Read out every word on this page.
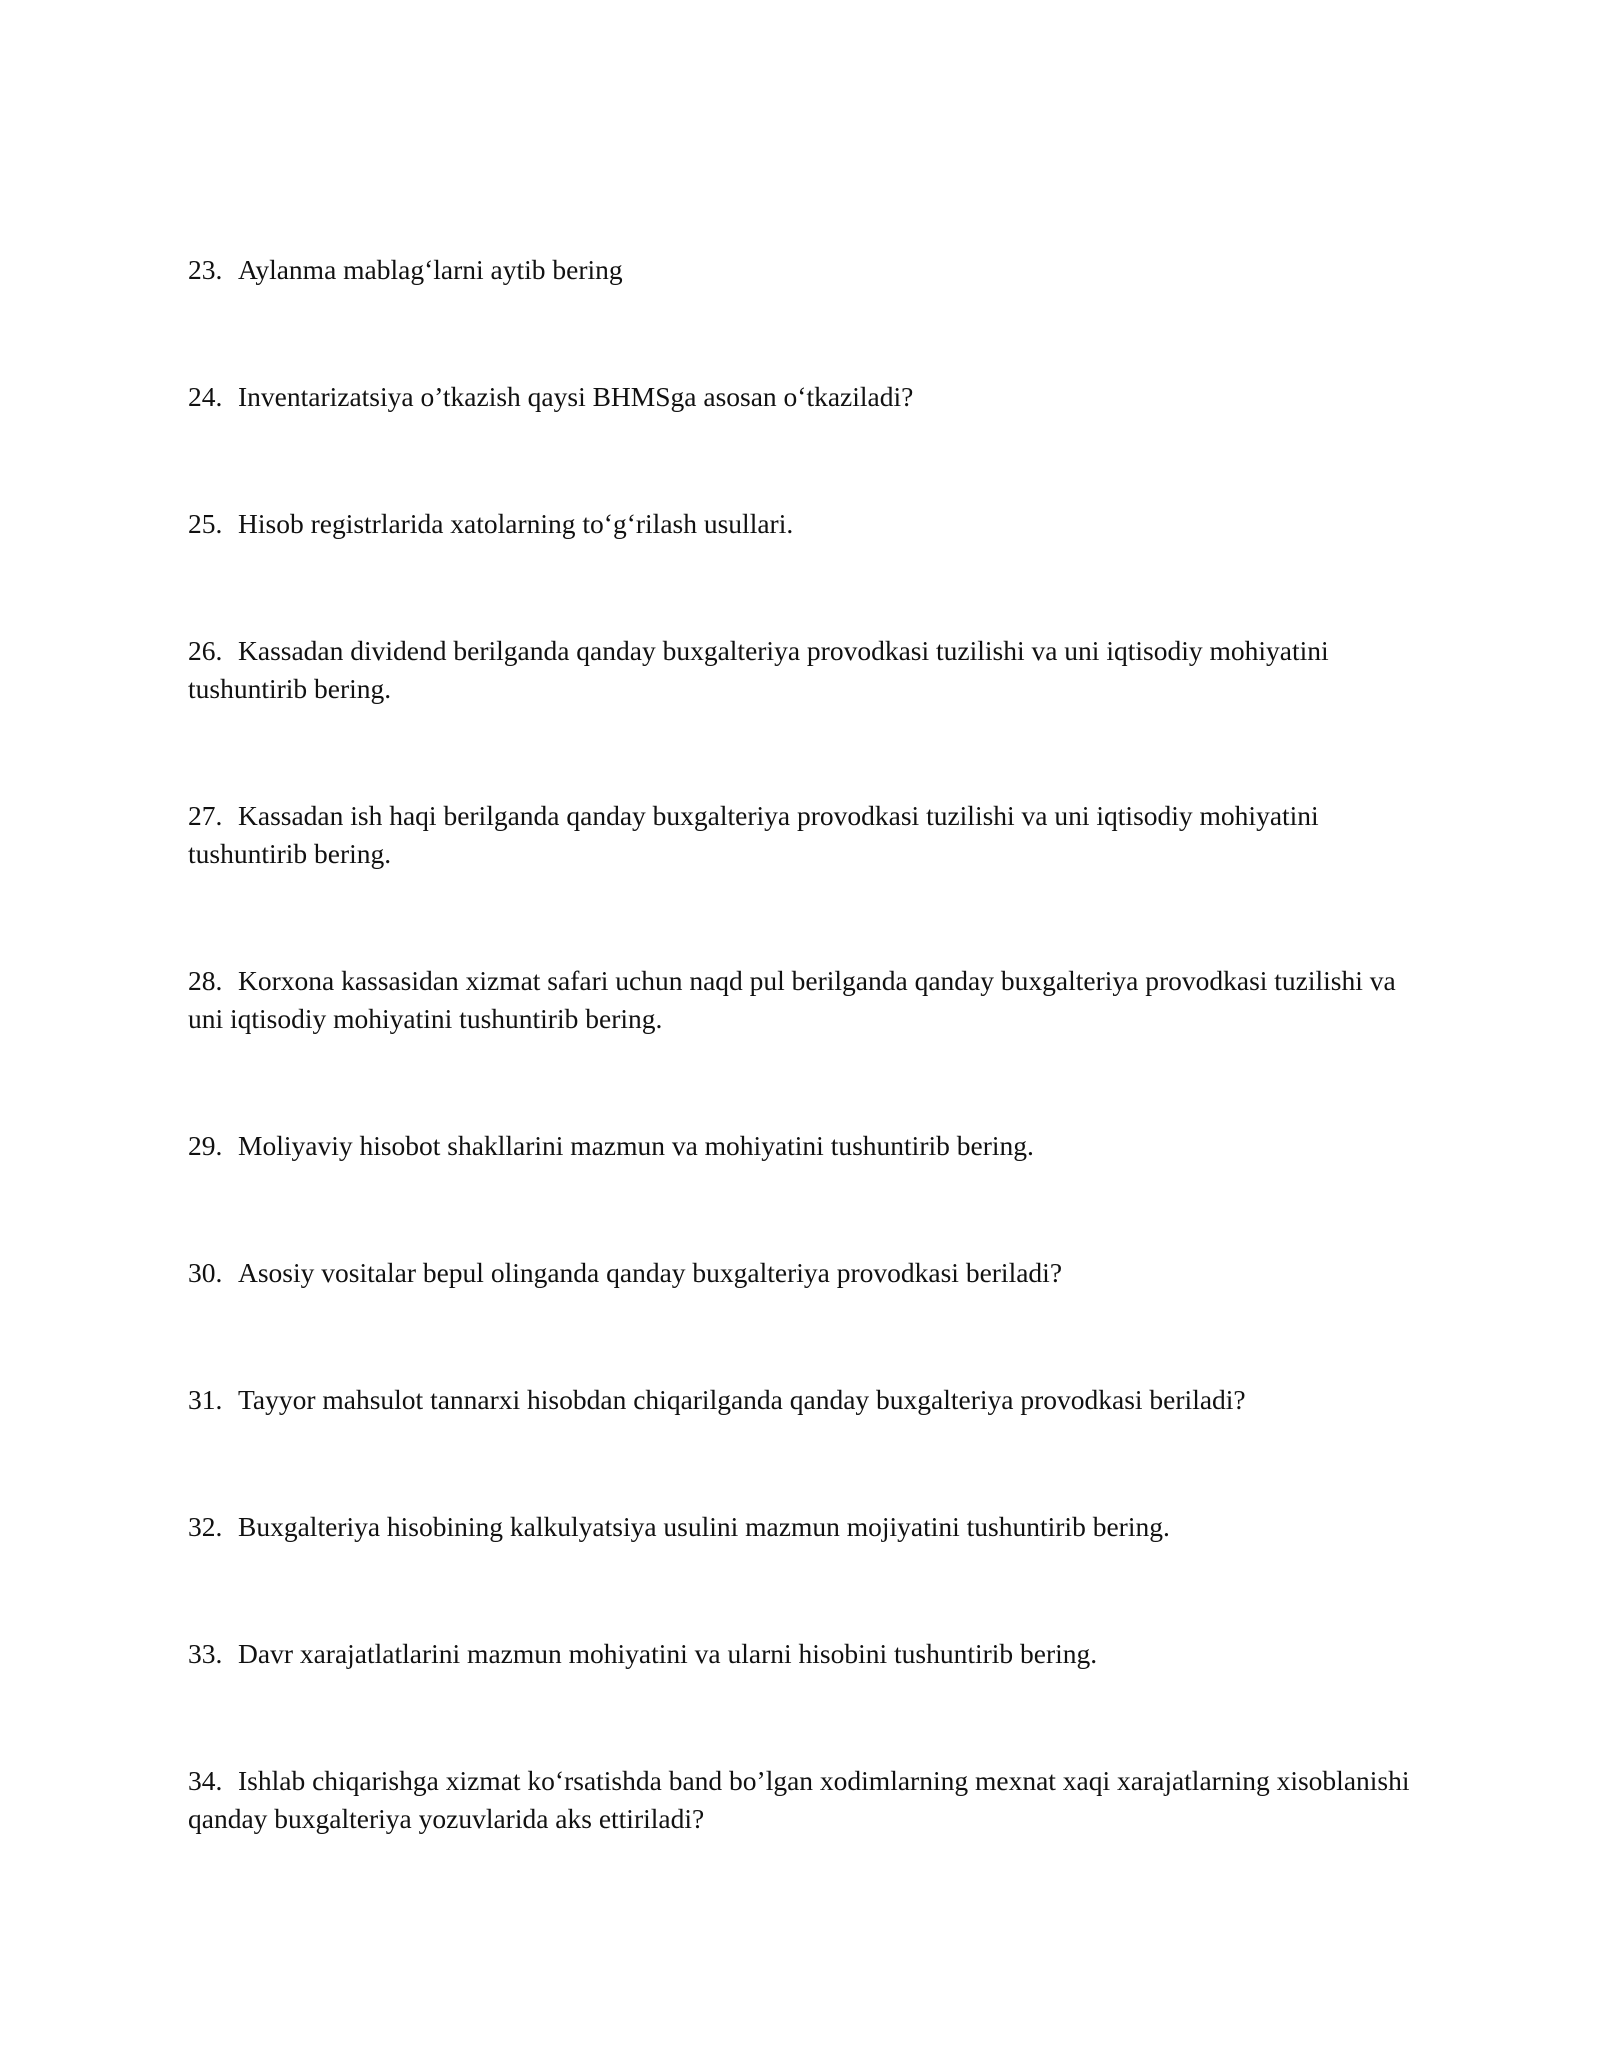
23. Aylanma mablag‘larni aytib bering

24. Inventarizatsiya o’tkazish qaysi BHMSga asosan o‘tkaziladi?

25. Hisob registrlarida xatolarning to‘g‘rilash usullari.

26. Kassadan dividend berilganda qanday buxgalteriya provodkasi tuzilishi va uni iqtisodiy mohiyatini tushuntirib bering.

27. Kassadan ish haqi berilganda qanday buxgalteriya provodkasi tuzilishi va uni iqtisodiy mohiyatini tushuntirib bering.

28. Korxona kassasidan xizmat safari uchun naqd pul berilganda qanday buxgalteriya provodkasi tuzilishi va uni iqtisodiy mohiyatini tushuntirib bering.

29. Moliyaviy hisobot shakllarini mazmun va mohiyatini tushuntirib bering.

30. Asosiy vositalar bepul olinganda qanday buxgalteriya provodkasi beriladi?

31. Tayyor mahsulot tannarxi hisobdan chiqarilganda qanday buxgalteriya provodkasi beriladi?

32. Buxgalteriya hisobining kalkulyatsiya usulini mazmun mojiyatini tushuntirib bering.

33. Davr xarajatlatlarini mazmun mohiyatini va ularni hisobini tushuntirib bering.

34. Ishlab chiqarishga xizmat ko‘rsatishda band bo’lgan xodimlarning mexnat xaqi xarajatlarning xisoblanishi qanday buxgalteriya yozuvlarida aks ettiriladi?
